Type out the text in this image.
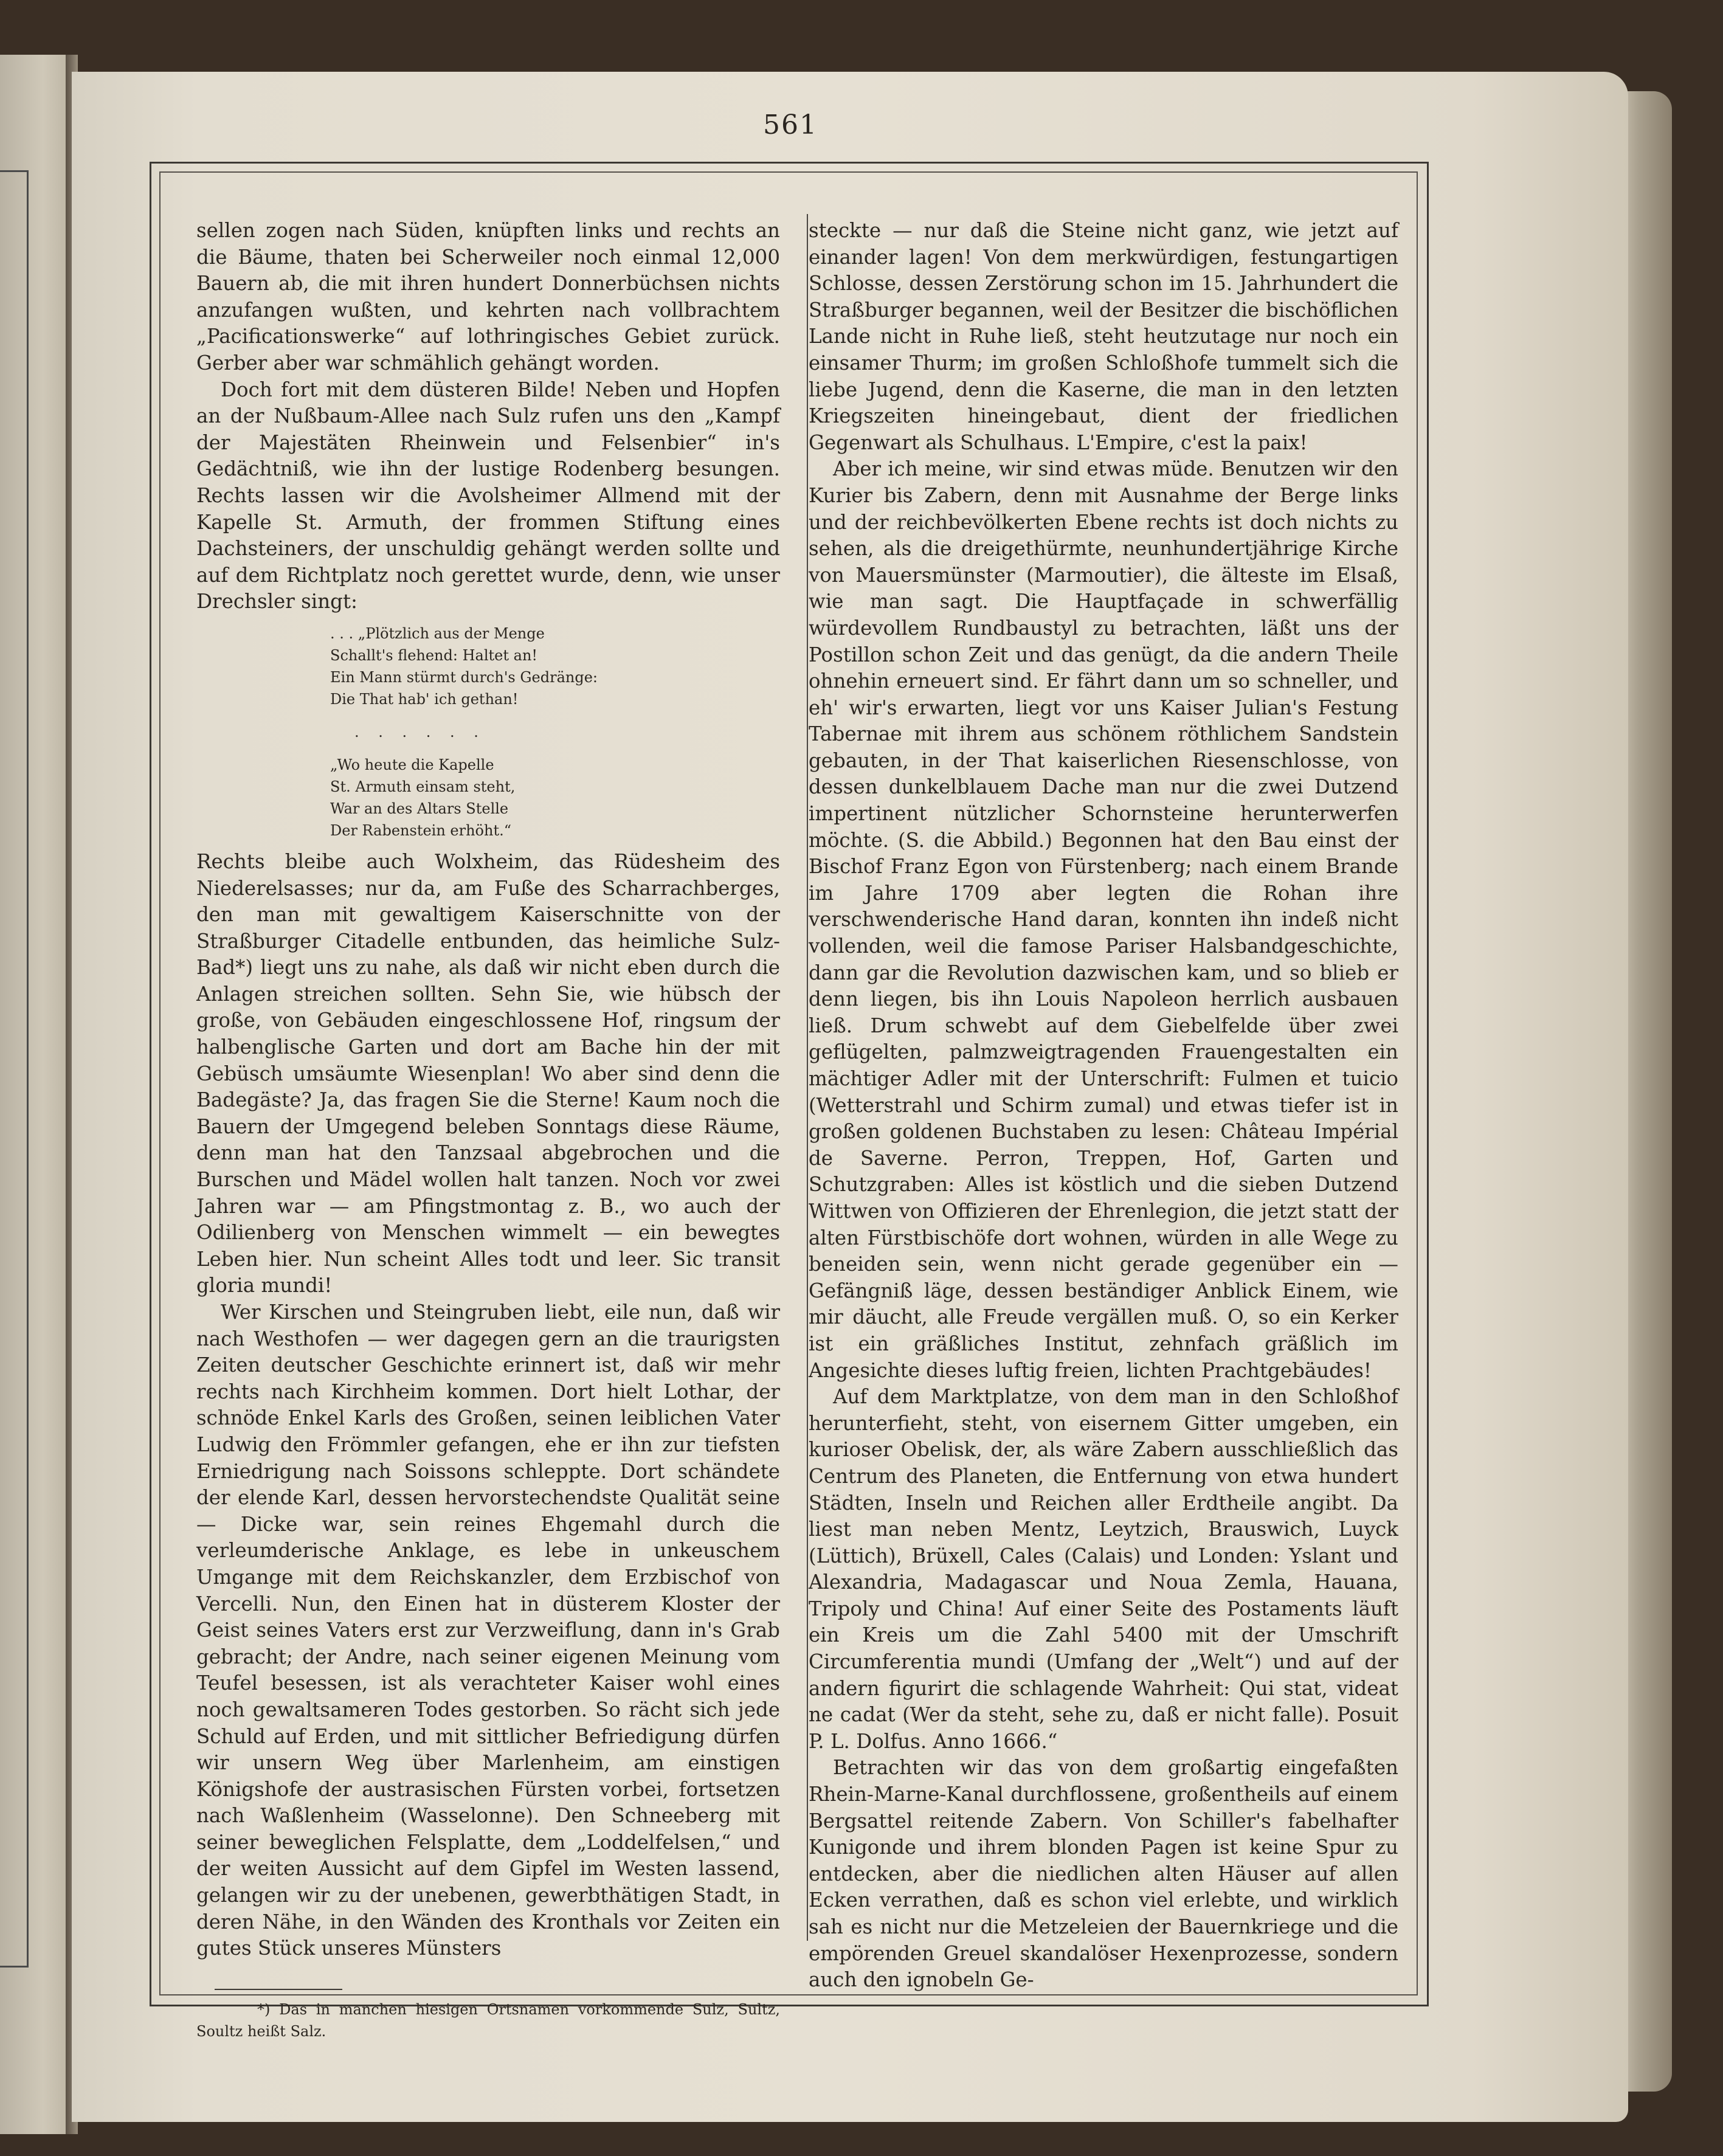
561

sellen zogen nach Süden, knüpften links und rechts an die Bäume, thaten bei Scherweiler noch einmal 12,000 Bauern ab, die mit ihren hundert Donnerbüchsen nichts anzufangen wußten, und kehrten nach vollbrachtem „Pacificationswerke“ auf lothringisches Gebiet zurück. Gerber aber war schmählich gehängt worden.

Doch fort mit dem düsteren Bilde! Neben und Hopfen an der Nußbaum-Allee nach Sulz rufen uns den „Kampf der Majestäten Rheinwein und Felsenbier“ in's Gedächtniß, wie ihn der lustige Rodenberg besungen. Rechts lassen wir die Avolsheimer Allmend mit der Kapelle St. Armuth, der frommen Stiftung eines Dachsteiners, der unschuldig gehängt werden sollte und auf dem Richtplatz noch gerettet wurde, denn, wie unser Drechsler singt:

. . . „Plötzlich aus der Menge
Schallt's flehend: Haltet an!
Ein Mann stürmt durch's Gedränge:
Die That hab' ich gethan!
. . . . . .
„Wo heute die Kapelle
St. Armuth einsam steht,
War an des Altars Stelle
Der Rabenstein erhöht.“

Rechts bleibe auch Wolxheim, das Rüdesheim des Niederelsasses; nur da, am Fuße des Scharrachberges, den man mit gewaltigem Kaiserschnitte von der Straßburger Citadelle entbunden, das heimliche Sulz-Bad*) liegt uns zu nahe, als daß wir nicht eben durch die Anlagen streichen sollten. Sehn Sie, wie hübsch der große, von Gebäuden eingeschlossene Hof, ringsum der halbenglische Garten und dort am Bache hin der mit Gebüsch umsäumte Wiesenplan! Wo aber sind denn die Badegäste? Ja, das fragen Sie die Sterne! Kaum noch die Bauern der Umgegend beleben Sonntags diese Räume, denn man hat den Tanzsaal abgebrochen und die Burschen und Mädel wollen halt tanzen. Noch vor zwei Jahren war — am Pfingstmontag z. B., wo auch der Odilienberg von Menschen wimmelt — ein bewegtes Leben hier. Nun scheint Alles todt und leer. Sic transit gloria mundi!

Wer Kirschen und Steingruben liebt, eile nun, daß wir nach Westhofen — wer dagegen gern an die traurigsten Zeiten deutscher Geschichte erinnert ist, daß wir mehr rechts nach Kirchheim kommen. Dort hielt Lothar, der schnöde Enkel Karls des Großen, seinen leiblichen Vater Ludwig den Frömmler gefangen, ehe er ihn zur tiefsten Erniedrigung nach Soissons schleppte. Dort schändete der elende Karl, dessen hervorstechendste Qualität seine — Dicke war, sein reines Ehgemahl durch die verleumderische Anklage, es lebe in unkeuschem Umgange mit dem Reichskanzler, dem Erzbischof von Vercelli. Nun, den Einen hat in düsterem Kloster der Geist seines Vaters erst zur Verzweiflung, dann in's Grab gebracht; der Andre, nach seiner eigenen Meinung vom Teufel besessen, ist als verachteter Kaiser wohl eines noch gewaltsameren Todes gestorben. So rächt sich jede Schuld auf Erden, und mit sittlicher Befriedigung dürfen wir unsern Weg über Marlenheim, am einstigen Königshofe der austrasischen Fürsten vorbei, fortsetzen nach Waßlenheim (Wasselonne). Den Schneeberg mit seiner beweglichen Felsplatte, dem „Loddelfelsen,“ und der weiten Aussicht auf dem Gipfel im Westen lassend, gelangen wir zu der unebenen, gewerbthätigen Stadt, in deren Nähe, in den Wänden des Kronthals vor Zeiten ein gutes Stück unseres Münsters

*) Das in manchen hiesigen Ortsnamen vorkommende Sulz, Sultz, Soultz heißt Salz.

steckte — nur daß die Steine nicht ganz, wie jetzt auf einander lagen! Von dem merkwürdigen, festungartigen Schlosse, dessen Zerstörung schon im 15. Jahrhundert die Straßburger begannen, weil der Besitzer die bischöflichen Lande nicht in Ruhe ließ, steht heutzutage nur noch ein einsamer Thurm; im großen Schloßhofe tummelt sich die liebe Jugend, denn die Kaserne, die man in den letzten Kriegszeiten hineingebaut, dient der friedlichen Gegenwart als Schulhaus. L'Empire, c'est la paix!

Aber ich meine, wir sind etwas müde. Benutzen wir den Kurier bis Zabern, denn mit Ausnahme der Berge links und der reichbevölkerten Ebene rechts ist doch nichts zu sehen, als die dreigethürmte, neunhundertjährige Kirche von Mauersmünster (Marmoutier), die älteste im Elsaß, wie man sagt. Die Hauptfaçade in schwerfällig würdevollem Rundbaustyl zu betrachten, läßt uns der Postillon schon Zeit und das genügt, da die andern Theile ohnehin erneuert sind. Er fährt dann um so schneller, und eh' wir's erwarten, liegt vor uns Kaiser Julian's Festung Tabernae mit ihrem aus schönem röthlichem Sandstein gebauten, in der That kaiserlichen Riesenschlosse, von dessen dunkelblauem Dache man nur die zwei Dutzend impertinent nützlicher Schornsteine herunterwerfen möchte. (S. die Abbild.) Begonnen hat den Bau einst der Bischof Franz Egon von Fürstenberg; nach einem Brande im Jahre 1709 aber legten die Rohan ihre verschwenderische Hand daran, konnten ihn indeß nicht vollenden, weil die famose Pariser Halsbandgeschichte, dann gar die Revolution dazwischen kam, und so blieb er denn liegen, bis ihn Louis Napoleon herrlich ausbauen ließ. Drum schwebt auf dem Giebelfelde über zwei geflügelten, palmzweigtragenden Frauengestalten ein mächtiger Adler mit der Unterschrift: Fulmen et tuicio (Wetterstrahl und Schirm zumal) und etwas tiefer ist in großen goldenen Buchstaben zu lesen: Château Impérial de Saverne. Perron, Treppen, Hof, Garten und Schutzgraben: Alles ist köstlich und die sieben Dutzend Wittwen von Offizieren der Ehrenlegion, die jetzt statt der alten Fürstbischöfe dort wohnen, würden in alle Wege zu beneiden sein, wenn nicht gerade gegenüber ein — Gefängniß läge, dessen beständiger Anblick Einem, wie mir däucht, alle Freude vergällen muß. O, so ein Kerker ist ein gräßliches Institut, zehnfach gräßlich im Angesichte dieses luftig freien, lichten Prachtgebäudes!

Auf dem Marktplatze, von dem man in den Schloßhof herunterfieht, steht, von eisernem Gitter umgeben, ein kurioser Obelisk, der, als wäre Zabern ausschließlich das Centrum des Planeten, die Entfernung von etwa hundert Städten, Inseln und Reichen aller Erdtheile angibt. Da liest man neben Mentz, Leytzich, Brauswich, Luyck (Lüttich), Brüxell, Cales (Calais) und Londen: Yslant und Alexandria, Madagascar und Noua Zemla, Hauana, Tripoly und China! Auf einer Seite des Postaments läuft ein Kreis um die Zahl 5400 mit der Umschrift Circumferentia mundi (Umfang der „Welt“) und auf der andern figurirt die schlagende Wahrheit: Qui stat, videat ne cadat (Wer da steht, sehe zu, daß er nicht falle). Posuit P. L. Dolfus. Anno 1666.“

Betrachten wir das von dem großartig eingefaßten Rhein-Marne-Kanal durchflossene, großentheils auf einem Bergsattel reitende Zabern. Von Schiller's fabelhafter Kunigonde und ihrem blonden Pagen ist keine Spur zu entdecken, aber die niedlichen alten Häuser auf allen Ecken verrathen, daß es schon viel erlebte, und wirklich sah es nicht nur die Metzeleien der Bauernkriege und die empörenden Greuel skandalöser Hexenprozesse, sondern auch den ignobeln Ge-
